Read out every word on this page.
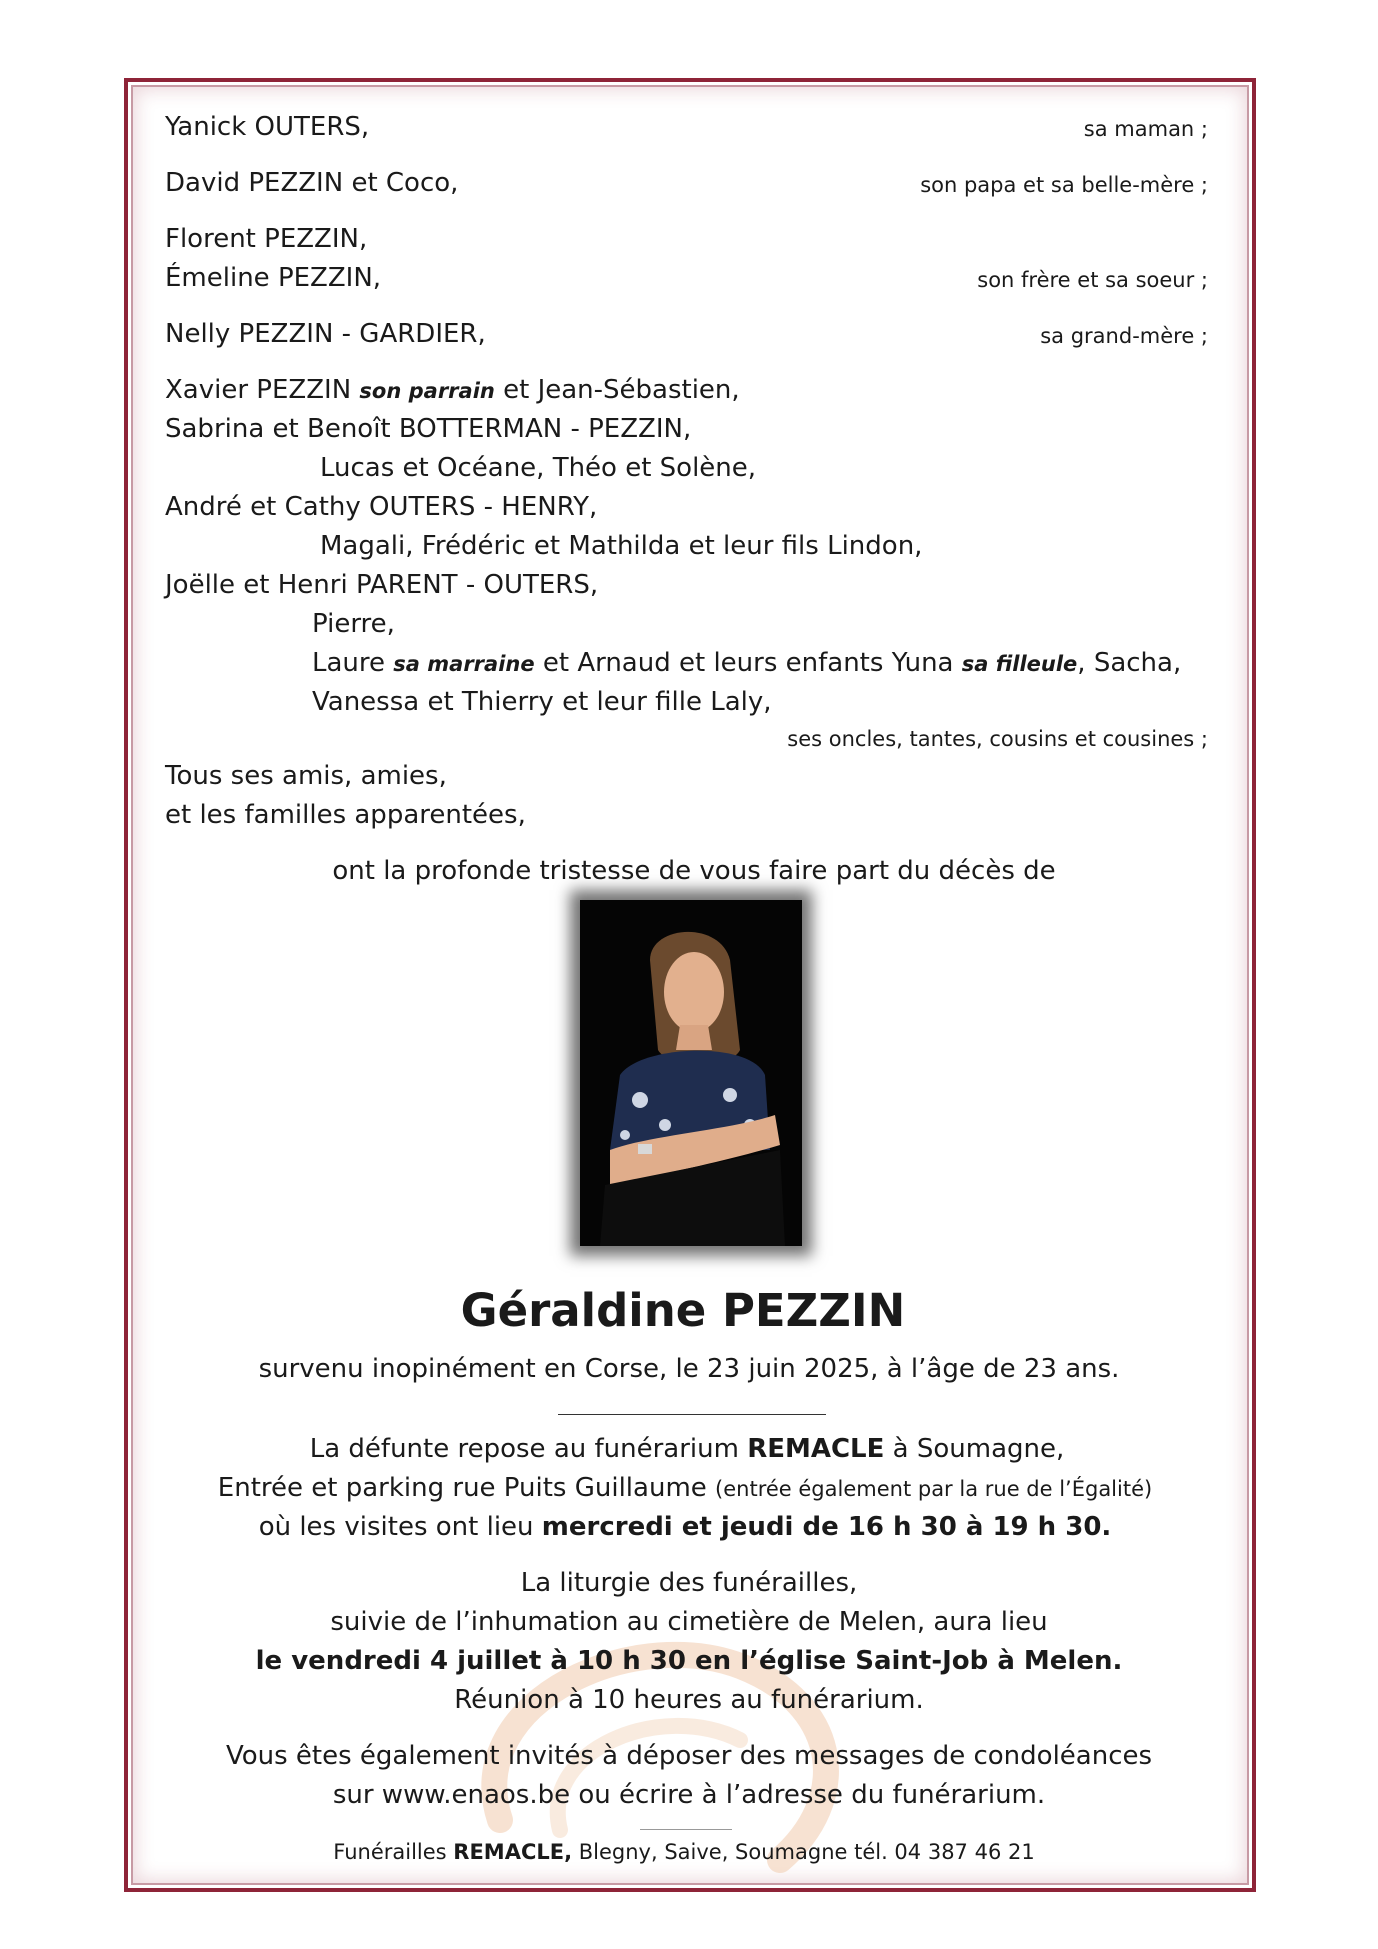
Yanick OUTERS,	sa maman ;
David PEZZIN et Coco,	son papa et sa belle-mère ;
Florent PEZZIN,
Émeline PEZZIN,	son frère et sa soeur ;
Nelly PEZZIN - GARDIER,	sa grand-mère ;
Xavier PEZZIN son parrain et Jean-Sébastien,
Sabrina et Benoît BOTTERMAN - PEZZIN,
Lucas et Océane, Théo et Solène,
André et Cathy OUTERS - HENRY,
Magali, Frédéric et Mathilda et leur fils Lindon,
Joëlle et Henri PARENT - OUTERS,
Pierre,
Laure sa marraine et Arnaud et leurs enfants Yuna sa filleule, Sacha,
Vanessa et Thierry et leur fille Laly,
ses oncles, tantes, cousins et cousines ;
Tous ses amis, amies,
et les familles apparentées,
ont la profonde tristesse de vous faire part du décès de
Géraldine PEZZIN
survenu inopinément en Corse, le 23 juin 2025, à l’âge de 23 ans.
La défunte repose au funérarium REMACLE à Soumagne,
Entrée et parking rue Puits Guillaume (entrée également par la rue de l’Égalité)
où les visites ont lieu mercredi et jeudi de 16 h 30 à 19 h 30.
La liturgie des funérailles,
suivie de l’inhumation au cimetière de Melen, aura lieu
le vendredi 4 juillet à 10 h 30 en l’église Saint-Job à Melen.
Réunion à 10 heures au funérarium.
Vous êtes également invités à déposer des messages de condoléances
sur www.enaos.be ou écrire à l’adresse du funérarium.
Funérailles REMACLE, Blegny, Saive, Soumagne tél. 04 387 46 21
